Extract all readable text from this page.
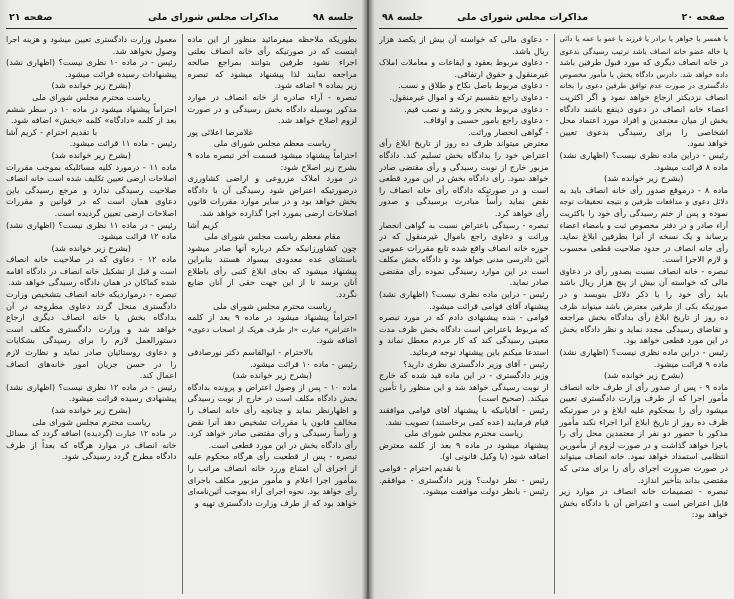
صفحه ۲۰
مذاکرات مجلس شورای ملی
جلسه ۹۸
با همسر یا خواهر یا برادر یا فرزند یا عمو یا عمه یا دائی
یا خاله عضو خانه انصاف باشد ترتیب رسیدگی بدعوی
در خانه انصاف دیگری که مورد قبول طرفین باشد
داده خواهد شد. دادرس دادگاه بخش یا مأمور مخصوص
دادگستری در صورت عدم توافق طرفین دعوی را بخانه
انصاف نزدیکتر ارجاع خواهد نمود و اگر اکثریت
اعضاء خانه انصاف در دعوی ذینفع باشند دادگاه
بخش از میان معتمدین و افراد مورد اعتماد محل
اشخاصی را برای رسیدگی بدعوی تعیین
خواهد نمود.
رئیس - دراین ماده نظری نیست؟ (اظهاری نشد)
ماده ۸ قرائت میشود.
(بشرح زیر خوانده شد)
ماده ۸ - درموقع صدور رأی خانه انصاف باید به
دلائل دعوی و مدافعات طرفین و نتیجه تحقیقات توجه
نموده و پس از ختم رسیدگی رأی خود را باکثریت
آراء صادر و در دفتر مخصوص ثبت و بامضاء اعضاء
برساند و یک نسخه از آنرا بطرفین ابلاغ نماید.
رأی خانه انصاف در حدود صلاحیت قطعی محسوب
و لازم الاجرا است.
تبصره - خانه انصاف نسبت بصدور رأی در دعاوی
مالی که خواسته آن بیش از پنج هزار ریال باشد
باید رأی خود را با ذکر دلائل بنویسد و در
صورتیکه یکی از طرفین معترض باشد میتواند ظرف
ده روز از تاریخ ابلاغ رأی بدادگاه بخش مراجعه
و تقاضای رسیدگی مجدد نماید و نظر دادگاه بخش
در این مورد قطعی خواهد بود.
رئیس - دراین ماده نظری نیست؟ (اظهاری نشد)
ماده ۹ قرائت میشود.
(بشرح زیر خوانده شد)
ماده ۹ - پس از صدور رأی از طرف خانه انصاف
مأمور اجرا که از طرف وزارت دادگستری تعیین
میشود رأی را بمحکوم علیه ابلاغ و در صورتیکه
ظرف ده روز از تاریخ ابلاغ آنرا اجراء نکند مأمور
مذکور با حضور دو نفر از معتمدین محل رأی را
باجرا خواهد گذاشت و در صورت لزوم از مأمورین
انتظامی استمداد خواهد نمود. خانه انصاف میتواند
در صورت ضرورت اجرای رأی را برای مدتی که
مقتضی بداند بتأخیر اندازد.
تبصره - تصمیمات خانه انصاف در موارد زیر
قابل اعتراض است و اعتراض آن با دادگاه بخش
خواهد بود:
- دعاوی مالی که خواسته آن بیش از یکصد هزار
ریال باشد.
- دعاوی مربوط بعقود و ایقاعات و معاملات املاک
غیرمنقول و حقوق ارتفاقی.
- دعاوی مربوط باصل نکاح و طلاق و نسب.
- دعاوی راجع بتقسیم ترکه و اموال غیرمنقول.
- دعاوی مربوط بحجر و رشد و نصب قیم.
- دعاوی راجع بامور حسبی و اوقاف.
- گواهی انحصار وراثت.
معترض میتواند ظرف ده روز از تاریخ ابلاغ رأی
اعتراض خود را بدادگاه بخش تسلیم کند. دادگاه
مزبور خارج از نوبت رسیدگی و رأی مقتضی صادر
خواهد نمود. رأی دادگاه بخش در این مورد قطعی
است و در صورتیکه دادگاه رأی خانه انصاف را
نقض نماید رأساً مبادرت برسیدگی و صدور
رأی خواهد کرد.
تبصره - رسیدگی باعتراض نسبت به گواهی انحصار
وراثت و دعاوی راجع باموال غیرمنقول که در
حوزه خانه انصاف واقع شده تابع مقررات عمومی
آئین دادرسی مدنی خواهد بود و دادگاه بخش مکلف
است در این موارد رسیدگی نموده رأی مقتضی
صادر نماید.
رئیس - دراین ماده نظری نیست؟ (اظهاری نشد)
پیشنهاد آقای قوامی قرائت میشود.
قوامی - بنده پیشنهادی دادم که در مورد تبصره
که مربوط باعتراض است دادگاه بخش ظرف مدت
معینی رسیدگی کند که کار مردم معطل نماند و
استدعا میکنم باین پیشنهاد توجه فرمائید.
رئیس - آقای وزیر دادگستری نظری دارید؟
وزیر دادگستری - در این ماده قید شده که خارج
از نوبت رسیدگی خواهد شد و این منظور را تأمین
میکند. (صحیح است)
رئیس - آقایانیکه با پیشنهاد آقای قوامی موافقند
قیام فرمایند (عده کمی برخاستند) تصویب نشد.
ریاست محترم مجلس شورای ملی
پیشنهاد میشود در ماده ۹ بعد از کلمه معترض
اضافه شود (یا وکیل قانونی او).
با تقدیم احترام - قوامی
رئیس - نظر دولت؟ وزیر دادگستری - موافقم.
رئیس - بانظر دولت موافقت میشود.
جلسه ۹۸
مذاکرات مجلس شورای ملی
صفحه ۲۱
بطوریکه ملاحظه میفرمائید منظور از این ماده
اینست که در صورتیکه رأی خانه انصاف بعلتی
اجراء نشود طرفین بتوانند بمراجع صالحه
مراجعه نمایند لذا پیشنهاد میشود که تبصره
زیر بماده ۹ اضافه شود.
تبصره - آراء صادره از خانه انصاف در موارد
مذکور بوسیله دادگاه بخش رسیدگی و در صورت
لزوم اصلاح خواهد شد.
غلامرضا اعلائی پور
ریاست معظم مجلس شورای ملی
احتراماً پیشنهاد میشود قسمت آخر تبصره ماده ۹
بشرح زیر اصلاح شود:
در مورد املاک مزروعی و اراضی کشاورزی
درصورتیکه اعتراض شود رسیدگی آن با دادگاه
بخش خواهد بود و در سایر موارد مقررات قانون
اصلاحات ارضی بمورد اجرا گذارده خواهد شد.
کریم آشا
مقام معظم ریاست مجلس شورای ملی
چون کشاورزانیکه حکم درباره آنها صادر میشود
باستثنای عده معدودی بیسواد هستند بنابراین
پیشنهاد میشود که بجای ابلاغ کتبی رأی باطلاع
آنان برسد تا از این جهت حقی از آنان ضایع
نگردد.
ریاست محترم مجلس شورای ملی
احتراماً پیشنهاد میشود در ماده ۹ بعد از کلمه
«اعتراض» عبارت «از طرف هریک از اصحاب دعوی»
اضافه شود.
بالاحترام - ابوالقاسم دکتر نورصادقی
رئیس - ماده ۱۰ قرائت میشود.
(بشرح زیر خوانده شد)
ماده ۱۰ - پس از وصول اعتراض و پرونده بدادگاه
بخش دادگاه مکلف است در خارج از نوبت رسیدگی
و اظهارنظر نماید و چنانچه رأی خانه انصاف را
مخالف قانون یا مقررات تشخیص دهد آنرا نقض
و رأساً رسیدگی و رأی مقتضی صادر خواهد کرد.
رأی دادگاه بخش در این مورد قطعی است.
تبصره - پس از قطعیت رأی هرگاه محکوم علیه
از اجرای آن امتناع ورزد خانه انصاف مراتب را
بمأمور اجرا اعلام و مأمور مزبور مکلف باجرای
رأی خواهد بود. نحوه اجرای آراء بموجب آئین‌نامه‌ای
خواهد بود که از طرف وزارت دادگستری تهیه و
معمول وزارت دادگستری تعیین میشود و هزینه اجرا
وصول نخواهد شد.
رئیس - در ماده ۱۰ نظری نیست؟ (اظهاری نشد)
پیشنهادات رسیده قرائت میشود.
(بشرح زیر خوانده شد)
ریاست محترم مجلس شورای ملی
احتراماً پیشنهاد میشود در ماده ۱۰ در سطر ششم
بعد از کلمه «دادگاه» کلمه «بخش» اضافه شود.
با تقدیم احترام - کریم آشا
رئیس - ماده ۱۱ قرائت میشود.
(بشرح زیر خوانده شد)
ماده ۱۱ - درمورد کلیه مسائلیکه بموجب مقررات
اصلاحات ارضی تعیین تکلیف شده است خانه انصاف
صلاحیت رسیدگی ندارد و مرجع رسیدگی باین
دعاوی همان است که در قوانین و مقررات
اصلاحات ارضی تعیین گردیده است.
رئیس - در ماده ۱۱ نظری نیست؟ (اظهاری نشد)
ماده ۱۲ قرائت میشود.
(بشرح زیر خوانده شد)
ماده ۱۲ - دعاوی که در صلاحیت خانه انصاف
است و قبل از تشکیل خانه انصاف در دادگاه اقامه
شده کماکان در همان دادگاه رسیدگی خواهد شد.
تبصره - درمواردیکه خانه انصاف بتشخیص وزارت
دادگستری منحل گردد دعاوی مطروحه در آن
بدادگاه بخش یا خانه انصاف دیگری ارجاع
خواهد شد و وزارت دادگستری مکلف است
دستورالعمل لازم را برای رسیدگی بشکایات
و دعاوی روستائیان صادر نماید و نظارت لازم
را در حسن جریان امور خانه‌های انصاف
اعمال کند.
رئیس - در ماده ۱۲ نظری نیست؟ (اظهاری نشد)
پیشنهادی رسیده قرائت میشود.
(بشرح زیر خوانده شد)
ریاست محترم مجلس شورای ملی
در ماده ۱۲ عبارت (گردیده) اضافه گردد که مسائل
خانه انصاف در موارد هرگاه که بعداً از طرف
دادگاه مطرح گردد رسیدگی شود.
